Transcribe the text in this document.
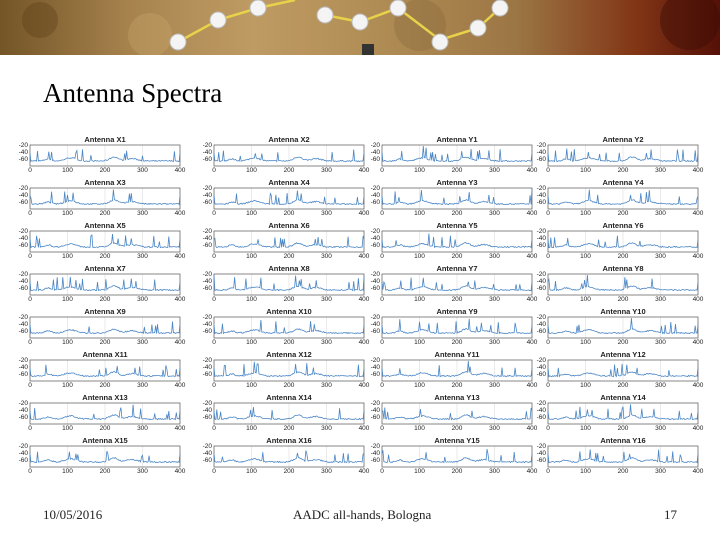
Antenna Spectra
Antenna X1
-20
-40
-60
0	100	200	300	400
Antenna X2
-20
-40
-60
0	100	200	300	400
Antenna Y1
-20
-40
-60
0	100	200	300	400
Antenna Y2
-20
-40
-60
0	100	200	300	400
Antenna X3
-20
-40
-60
0	100	200	300	400
Antenna X4
-20
-40
-60
0	100	200	300	400
Antenna Y3
-20
-40
-60
0	100	200	300	400
Antenna Y4
-20
-40
-60
0	100	200	300	400
Antenna X5
-20
-40
-60
0	100	200	300	400
Antenna X6
-20
-40
-60
0	100	200	300	400
Antenna Y5
-20
-40
-60
0	100	200	300	400
Antenna Y6
-20
-40
-60
0	100	200	300	400
Antenna X7
-20
-40
-60
0	100	200	300	400
Antenna X8
-20
-40
-60
0	100	200	300	400
Antenna Y7
-20
-40
-60
0	100	200	300	400
Antenna Y8
-20
-40
-60
0	100	200	300	400
Antenna X9
-20
-40
-60
0	100	200	300	400
Antenna X10
-20
-40
-60
0	100	200	300	400
Antenna Y9
-20
-40
-60
0	100	200	300	400
Antenna Y10
-20
-40
-60
0	100	200	300	400
Antenna X11
-20
-40
-60
0	100	200	300	400
Antenna X12
-20
-40
-60
0	100	200	300	400
Antenna Y11
-20
-40
-60
0	100	200	300	400
Antenna Y12
-20
-40
-60
0	100	200	300	400
Antenna X13
-20
-40
-60
0	100	200	300	400
Antenna X14
-20
-40
-60
0	100	200	300	400
Antenna Y13
-20
-40
-60
0	100	200	300	400
Antenna Y14
-20
-40
-60
0	100	200	300	400
Antenna X15
-20
-40
-60
0	100	200	300	400
Antenna X16
-20
-40
-60
0	100	200	300	400
Antenna Y15
-20
-40
-60
0	100	200	300	400
Antenna Y16
-20
-40
-60
0	100	200	300	400
10/05/2016	AADC all-hands, Bologna	17
